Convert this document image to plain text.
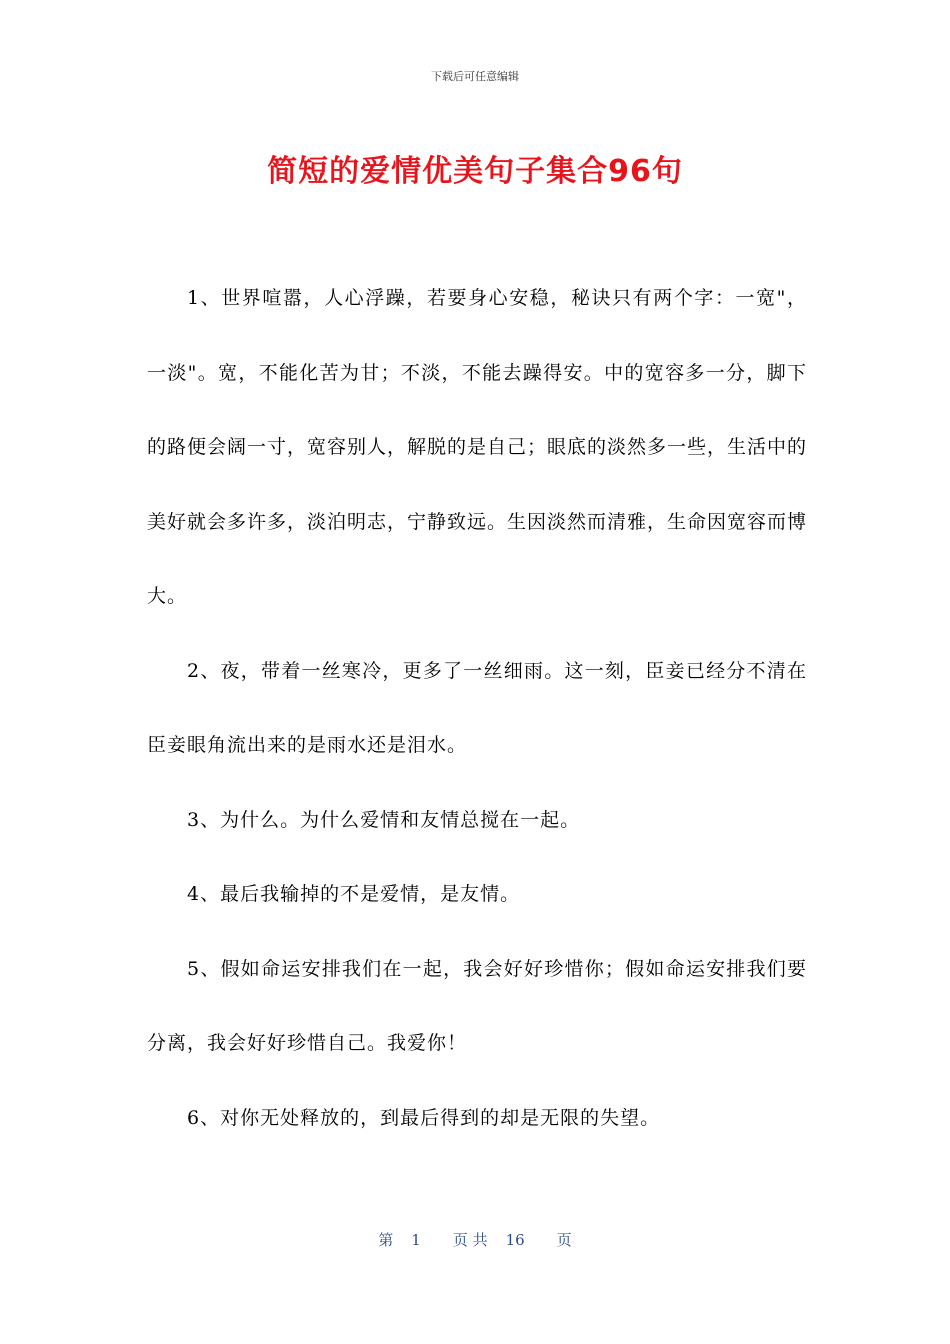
下载后可任意编辑
简短的爱情优美句子集合96句

1、世界喧嚣，人心浮躁，若要身心安稳，秘诀只有两个字：一宽"，一淡"。宽，不能化苦为甘；不淡，不能去躁得安。中的宽容多一分，脚下的路便会阔一寸，宽容别人，解脱的是自己；眼底的淡然多一些，生活中的美好就会多许多，淡泊明志，宁静致远。生因淡然而清雅，生命因宽容而博大。

2、夜，带着一丝寒冷，更多了一丝细雨。这一刻，臣妾已经分不清在臣妾眼角流出来的是雨水还是泪水。

3、为什么。为什么爱情和友情总搅在一起。

4、最后我输掉的不是爱情，是友情。

5、假如命运安排我们在一起，我会好好珍惜你；假如命运安排我们要分离，我会好好珍惜自己。我爱你！

6、对你无处释放的，到最后得到的却是无限的失望。

第 1 页 共 16 页
